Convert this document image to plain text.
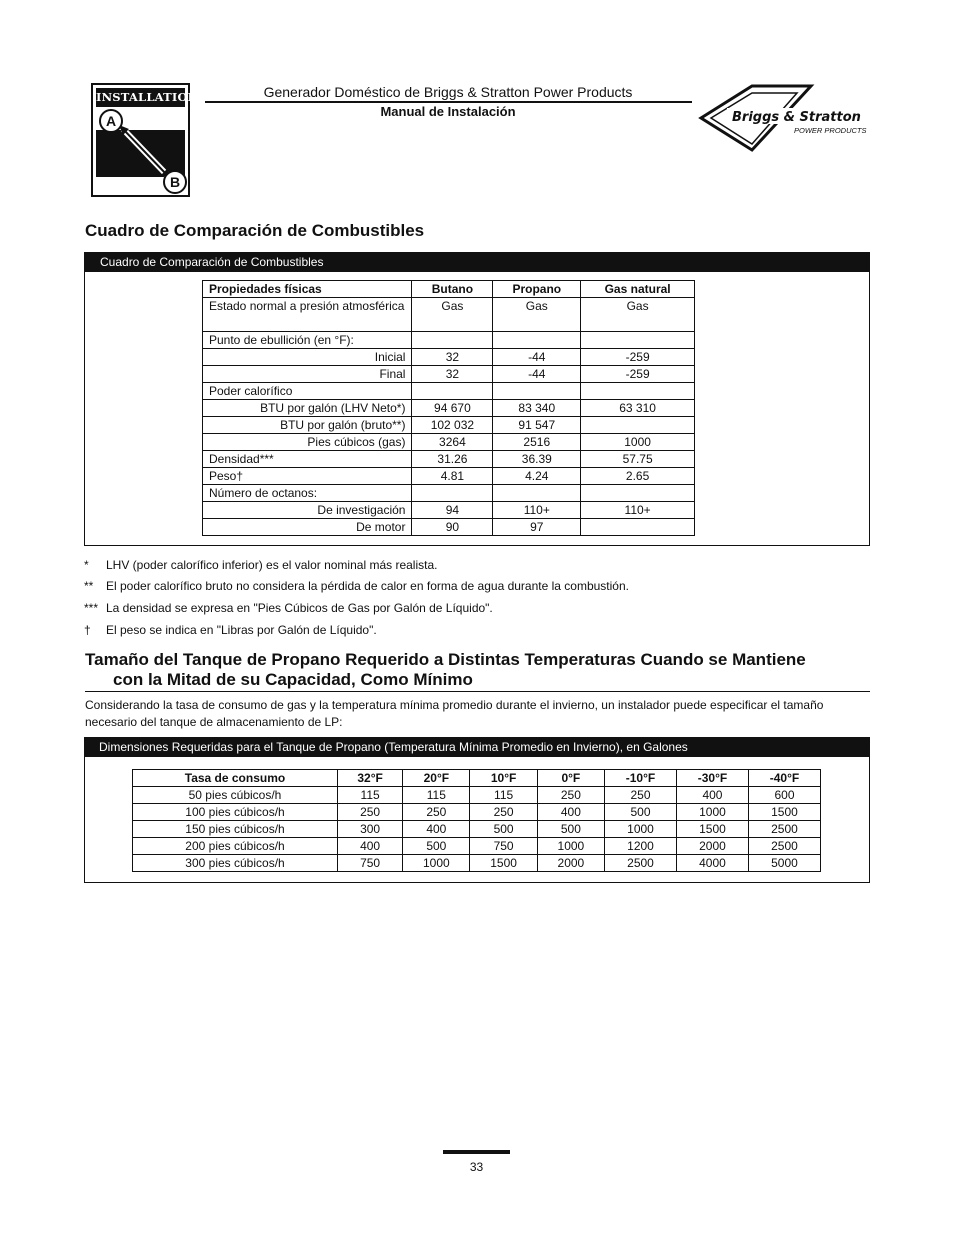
INSTALLATION
A
B
Generador Doméstico de Briggs & Stratton Power Products
Manual de Instalación	Briggs & Stratton
POWER PRODUCTS
Cuadro de Comparación de Combustibles
Cuadro de Comparación de Combustibles
Propiedades físicas	Butano	Propano	Gas natural
Estado normal a presión atmosférica	Gas	Gas	Gas
Punto de ebullición (en °F):			
Inicial	32	-44	-259
Final	32	-44	-259
Poder calorífico			
BTU por galón (LHV Neto*)	94 670	83 340	63 310
BTU por galón (bruto**)	102 032	91 547	
Pies cúbicos (gas)	3264	2516	1000
Densidad***	31.26	36.39	57.75
Peso†	4.81	4.24	2.65
Número de octanos:			
De investigación	94	110+	110+
De motor	90	97	
* LHV (poder calorífico inferior) es el valor nominal más realista.
** El poder calorífico bruto no considera la pérdida de calor en forma de agua durante la combustión.
*** La densidad se expresa en "Pies Cúbicos de Gas por Galón de Líquido".
† El peso se indica en "Libras por Galón de Líquido".
Tamaño del Tanque de Propano Requerido a Distintas Temperaturas Cuando se Mantiene
con la Mitad de su Capacidad, Como Mínimo

Considerando la tasa de consumo de gas y la temperatura mínima promedio durante el invierno, un instalador puede especificar el tamaño necesario del tanque de almacenamiento de LP:

Dimensiones Requeridas para el Tanque de Propano (Temperatura Mínima Promedio en Invierno), en Galones
Tasa de consumo	32°F	20°F	10°F	0°F	-10°F	-30°F	-40°F
50 pies cúbicos/h	115	115	115	250	250	400	600
100 pies cúbicos/h	250	250	250	400	500	1000	1500
150 pies cúbicos/h	300	400	500	500	1000	1500	2500
200 pies cúbicos/h	400	500	750	1000	1200	2000	2500
300 pies cúbicos/h	750	1000	1500	2000	2500	4000	5000
33
